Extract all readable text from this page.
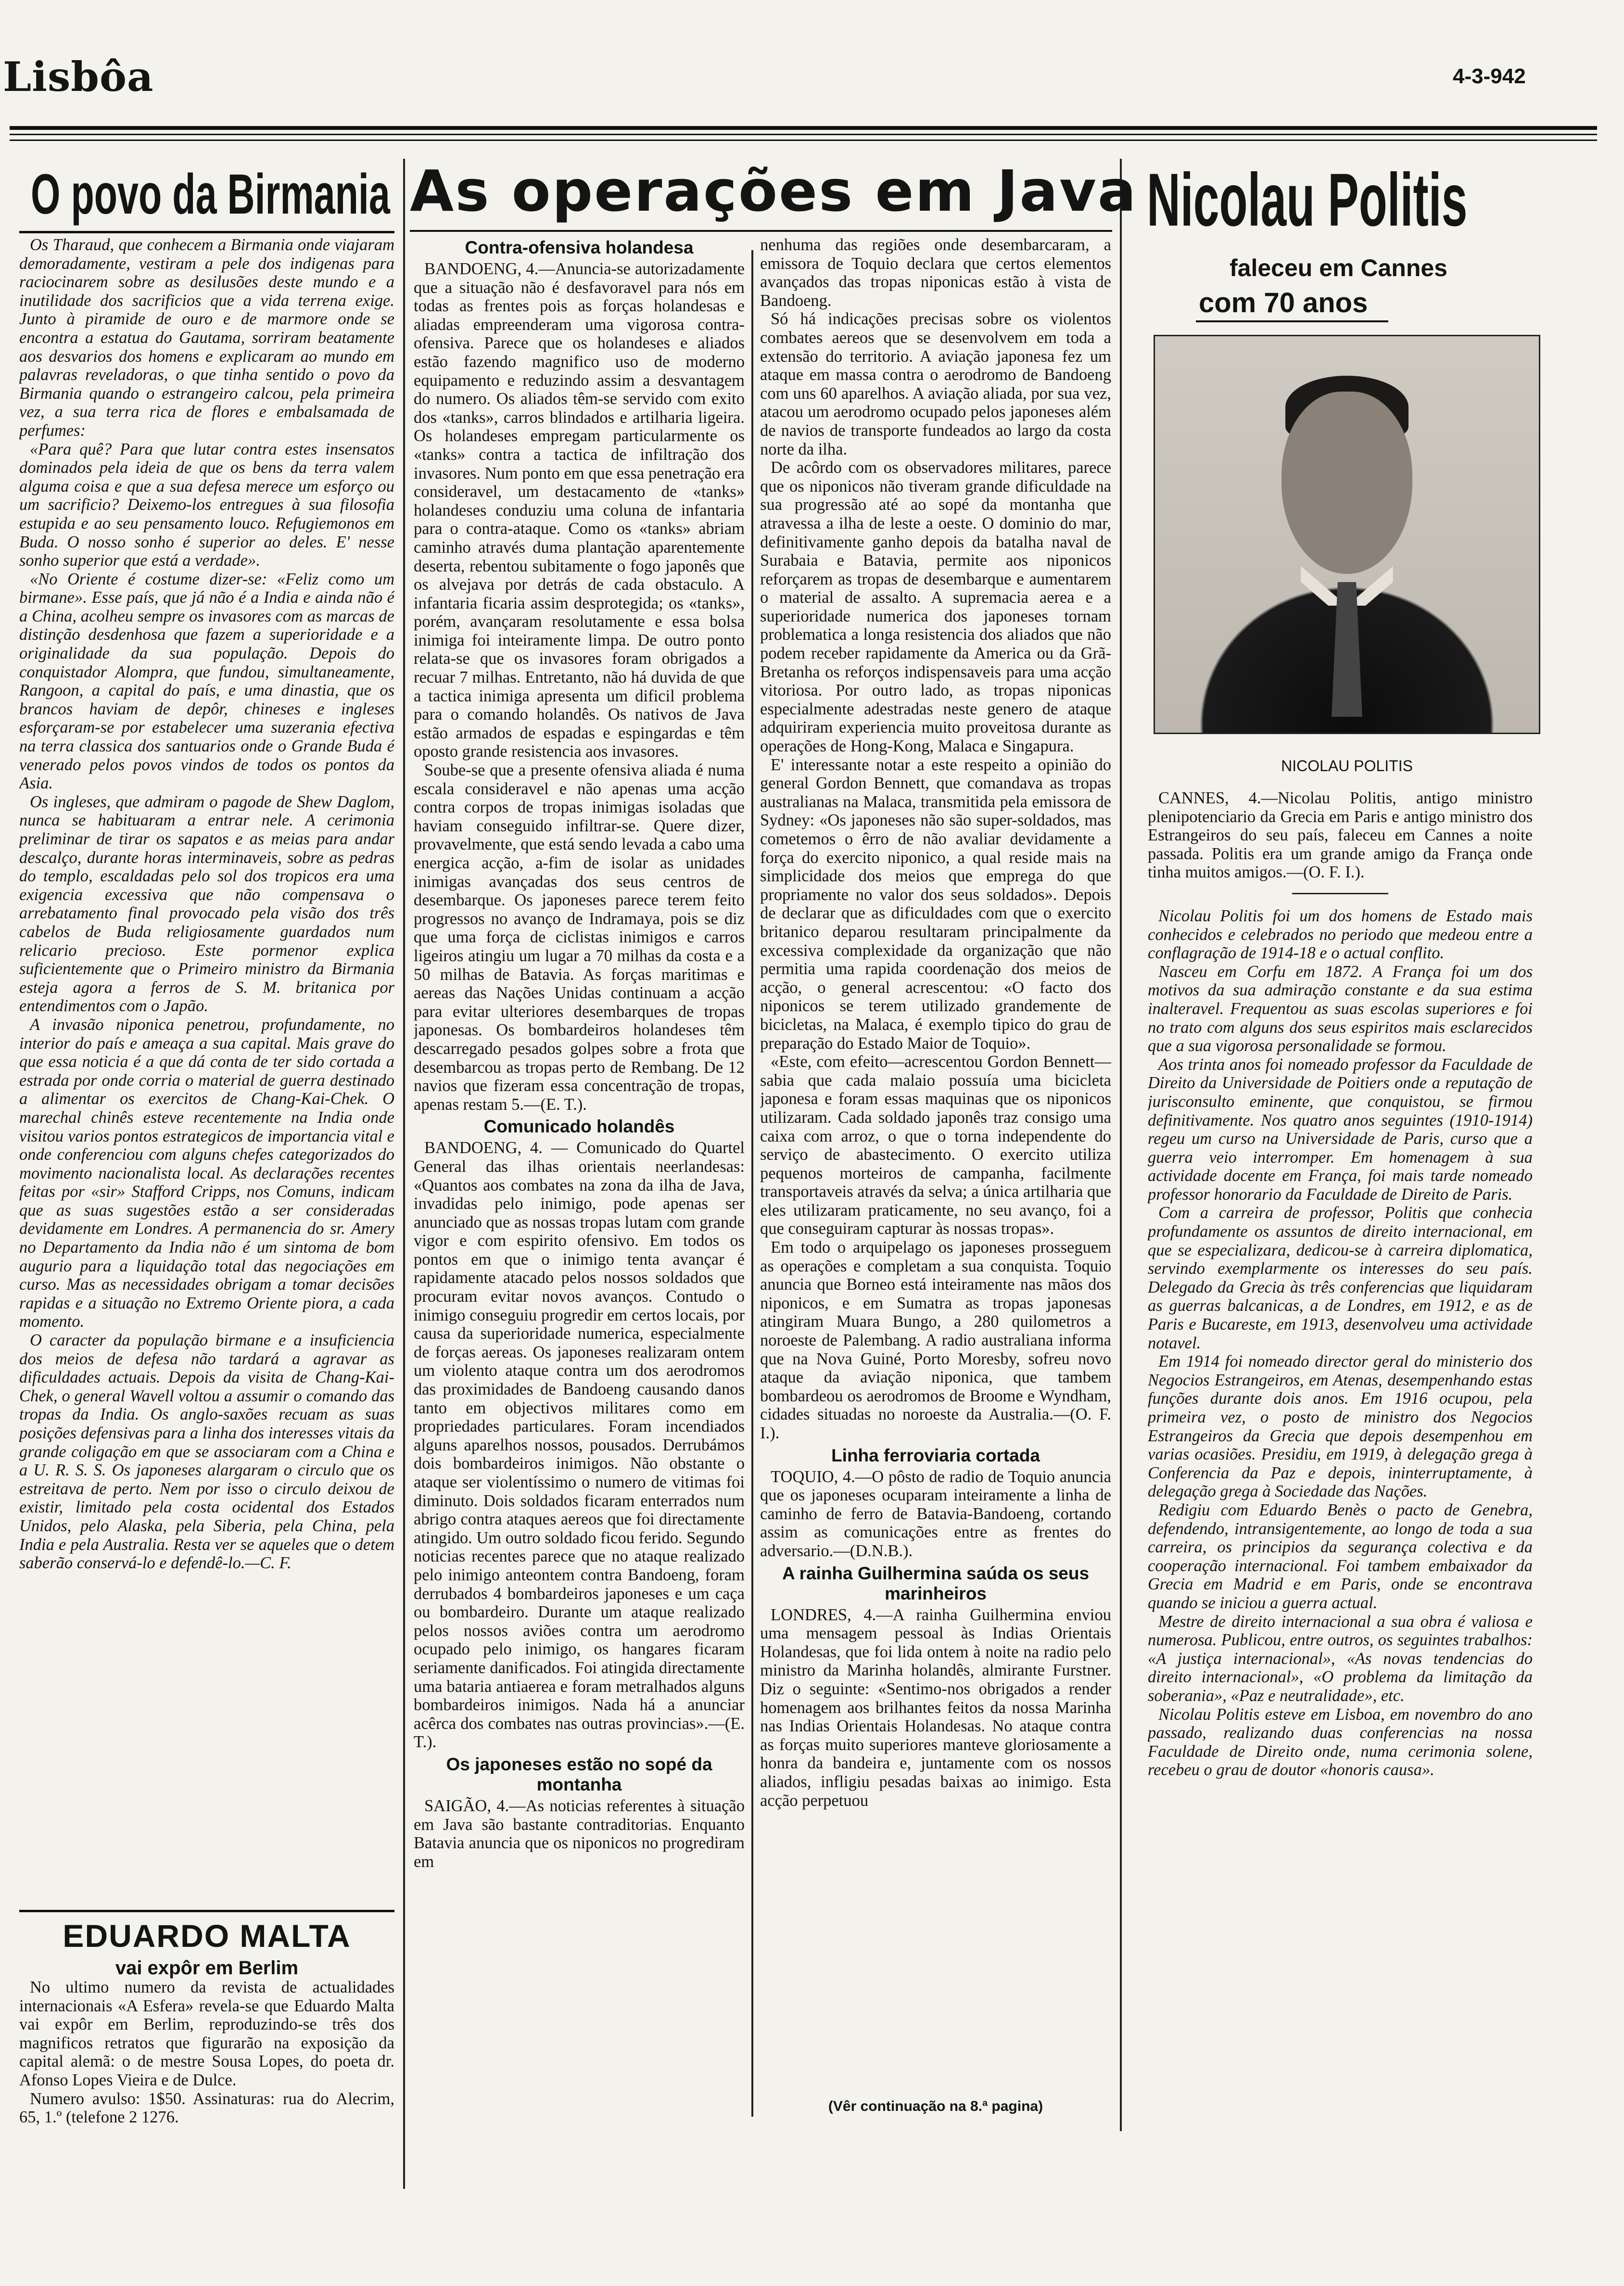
Lisbôa	4-3-942
O povo da Birmania

Os Tharaud, que conhecem a Birmania onde viajaram demoradamente, vestiram a pele dos indigenas para raciocinarem sobre as desilusões deste mundo e a inutilidade dos sacrificios que a vida terrena exige. Junto à piramide de ouro e de marmore onde se encontra a estatua do Gautama, sorriram beatamente aos desvarios dos homens e explicaram ao mundo em palavras reveladoras, o que tinha sentido o povo da Birmania quando o estrangeiro calcou, pela primeira vez, a sua terra rica de flores e embalsamada de perfumes:

«Para quê? Para que lutar contra estes insensatos dominados pela ideia de que os bens da terra valem alguma coisa e que a sua defesa merece um esforço ou um sacrificio? Deixemo-los entregues à sua filosofia estupida e ao seu pensamento louco. Refugiemonos em Buda. O nosso sonho é superior ao deles. E' nesse sonho superior que está a verdade».

«No Oriente é costume dizer-se: «Feliz como um birmane». Esse país, que já não é a India e ainda não é a China, acolheu sempre os invasores com as marcas de distinção desdenhosa que fazem a superioridade e a originalidade da sua população. Depois do conquistador Alompra, que fundou, simultaneamente, Rangoon, a capital do país, e uma dinastia, que os brancos haviam de depôr, chineses e ingleses esforçaram-se por estabelecer uma suzerania efectiva na terra classica dos santuarios onde o Grande Buda é venerado pelos povos vindos de todos os pontos da Asia.

Os ingleses, que admiram o pagode de Shew Daglom, nunca se habituaram a entrar nele. A cerimonia preliminar de tirar os sapatos e as meias para andar descalço, durante horas interminaveis, sobre as pedras do templo, escaldadas pelo sol dos tropicos era uma exigencia excessiva que não compensava o arrebatamento final provocado pela visão dos três cabelos de Buda religiosamente guardados num relicario precioso. Este pormenor explica suficientemente que o Primeiro ministro da Birmania esteja agora a ferros de S. M. britanica por entendimentos com o Japão.

A invasão niponica penetrou, profundamente, no interior do país e ameaça a sua capital. Mais grave do que essa noticia é a que dá conta de ter sido cortada a estrada por onde corria o material de guerra destinado a alimentar os exercitos de Chang-Kai-Chek. O marechal chinês esteve recentemente na India onde visitou varios pontos estrategicos de importancia vital e onde conferenciou com alguns chefes categorizados do movimento nacionalista local. As declarações recentes feitas por «sir» Stafford Cripps, nos Comuns, indicam que as suas sugestões estão a ser consideradas devidamente em Londres. A permanencia do sr. Amery no Departamento da India não é um sintoma de bom augurio para a liquidação total das negociações em curso. Mas as necessidades obrigam a tomar decisões rapidas e a situação no Extremo Oriente piora, a cada momento.

O caracter da população birmane e a insuficiencia dos meios de defesa não tardará a agravar as dificuldades actuais. Depois da visita de Chang-Kai-Chek, o general Wavell voltou a assumir o comando das tropas da India. Os anglo-saxões recuam as suas posições defensivas para a linha dos interesses vitais da grande coligação em que se associaram com a China e a U. R. S. S. Os japoneses alargaram o circulo que os estreitava de perto. Nem por isso o circulo deixou de existir, limitado pela costa ocidental dos Estados Unidos, pelo Alaska, pela Siberia, pela China, pela India e pela Australia. Resta ver se aqueles que o detem saberão conservá-lo e defendê-lo.—C. F.

EDUARDO MALTA
vai expôr em Berlim

No ultimo numero da revista de actualidades internacionais «A Esfera» revela-se que Eduardo Malta vai expôr em Berlim, reproduzindo-se três dos magnificos retratos que figurarão na exposição da capital alemã: o de mestre Sousa Lopes, do poeta dr. Afonso Lopes Vieira e de Dulce.

Numero avulso: 1$50. Assinaturas: rua do Alecrim, 65, 1.º (telefone 2 1276.

As operações em Java
Contra-ofensiva holandesa

BANDOENG, 4.—Anuncia-se autorizadamente que a situação não é desfavoravel para nós em todas as frentes pois as forças holandesas e aliadas empreenderam uma vigorosa contra-ofensiva. Parece que os holandeses e aliados estão fazendo magnifico uso de moderno equipamento e reduzindo assim a desvantagem do numero. Os aliados têm-se servido com exito dos «tanks», carros blindados e artilharia ligeira. Os holandeses empregam particularmente os «tanks» contra a tactica de infiltração dos invasores. Num ponto em que essa penetração era consideravel, um destacamento de «tanks» holandeses conduziu uma coluna de infantaria para o contra-ataque. Como os «tanks» abriam caminho através duma plantação aparentemente deserta, rebentou subitamente o fogo japonês que os alvejava por detrás de cada obstaculo. A infantaria ficaria assim desprotegida; os «tanks», porém, avançaram resolutamente e essa bolsa inimiga foi inteiramente limpa. De outro ponto relata-se que os invasores foram obrigados a recuar 7 milhas. Entretanto, não há duvida de que a tactica inimiga apresenta um dificil problema para o comando holandês. Os nativos de Java estão armados de espadas e espingardas e têm oposto grande resistencia aos invasores.

Soube-se que a presente ofensiva aliada é numa escala consideravel e não apenas uma acção contra corpos de tropas inimigas isoladas que haviam conseguido infiltrar-se. Quere dizer, provavelmente, que está sendo levada a cabo uma energica acção, a-fim de isolar as unidades inimigas avançadas dos seus centros de desembarque. Os japoneses parece terem feito progressos no avanço de Indramaya, pois se diz que uma força de ciclistas inimigos e carros ligeiros atingiu um lugar a 70 milhas da costa e a 50 milhas de Batavia. As forças maritimas e aereas das Nações Unidas continuam a acção para evitar ulteriores desembarques de tropas japonesas. Os bombardeiros holandeses têm descarregado pesados golpes sobre a frota que desembarcou as tropas perto de Rembang. De 12 navios que fizeram essa concentração de tropas, apenas restam 5.—(E. T.).

Comunicado holandês

BANDOENG, 4. — Comunicado do Quartel General das ilhas orientais neerlandesas: «Quantos aos combates na zona da ilha de Java, invadidas pelo inimigo, pode apenas ser anunciado que as nossas tropas lutam com grande vigor e com espirito ofensivo. Em todos os pontos em que o inimigo tenta avançar é rapidamente atacado pelos nossos soldados que procuram evitar novos avanços. Contudo o inimigo conseguiu progredir em certos locais, por causa da superioridade numerica, especialmente de forças aereas. Os japoneses realizaram ontem um violento ataque contra um dos aerodromos das proximidades de Bandoeng causando danos tanto em objectivos militares como em propriedades particulares. Foram incendiados alguns aparelhos nossos, pousados. Derrubámos dois bombardeiros inimigos. Não obstante o ataque ser violentíssimo o numero de vitimas foi diminuto. Dois soldados ficaram enterrados num abrigo contra ataques aereos que foi directamente atingido. Um outro soldado ficou ferido. Segundo noticias recentes parece que no ataque realizado pelo inimigo anteontem contra Bandoeng, foram derrubados 4 bombardeiros japoneses e um caça ou bombardeiro. Durante um ataque realizado pelos nossos aviões contra um aerodromo ocupado pelo inimigo, os hangares ficaram seriamente danificados. Foi atingida directamente uma bataria antiaerea e foram metralhados alguns bombardeiros inimigos. Nada há a anunciar acêrca dos combates nas outras provincias».—(E. T.).

Os japoneses estão no sopé da montanha

SAIGÃO, 4.—As noticias referentes à situação em Java são bastante contraditorias. Enquanto Batavia anuncia que os niponicos no progrediram em

nenhuma das regiões onde desembarcaram, a emissora de Toquio declara que certos elementos avançados das tropas niponicas estão à vista de Bandoeng.

Só há indicações precisas sobre os violentos combates aereos que se desenvolvem em toda a extensão do territorio. A aviação japonesa fez um ataque em massa contra o aerodromo de Bandoeng com uns 60 aparelhos. A aviação aliada, por sua vez, atacou um aerodromo ocupado pelos japoneses além de navios de transporte fundeados ao largo da costa norte da ilha.

De acôrdo com os observadores militares, parece que os niponicos não tiveram grande dificuldade na sua progressão até ao sopé da montanha que atravessa a ilha de leste a oeste. O dominio do mar, definitivamente ganho depois da batalha naval de Surabaia e Batavia, permite aos niponicos reforçarem as tropas de desembarque e aumentarem o material de assalto. A supremacia aerea e a superioridade numerica dos japoneses tornam problematica a longa resistencia dos aliados que não podem receber rapidamente da America ou da Grã-Bretanha os reforços indispensaveis para uma acção vitoriosa. Por outro lado, as tropas niponicas especialmente adestradas neste genero de ataque adquiriram experiencia muito proveitosa durante as operações de Hong-Kong, Malaca e Singapura.

E' interessante notar a este respeito a opinião do general Gordon Bennett, que comandava as tropas australianas na Malaca, transmitida pela emissora de Sydney: «Os japoneses não são super-soldados, mas cometemos o êrro de não avaliar devidamente a força do exercito niponico, a qual reside mais na simplicidade dos meios que emprega do que propriamente no valor dos seus soldados». Depois de declarar que as dificuldades com que o exercito britanico deparou resultaram principalmente da excessiva complexidade da organização que não permitia uma rapida coordenação dos meios de acção, o general acrescentou: «O facto dos niponicos se terem utilizado grandemente de bicicletas, na Malaca, é exemplo tipico do grau de preparação do Estado Maior de Toquio».

«Este, com efeito—acrescentou Gordon Bennett—sabia que cada malaio possuía uma bicicleta japonesa e foram essas maquinas que os niponicos utilizaram. Cada soldado japonês traz consigo uma caixa com arroz, o que o torna independente do serviço de abastecimento. O exercito utiliza pequenos morteiros de campanha, facilmente transportaveis através da selva; a única artilharia que eles utilizaram praticamente, no seu avanço, foi a que conseguiram capturar às nossas tropas».

Em todo o arquipelago os japoneses prosseguem as operações e completam a sua conquista. Toquio anuncia que Borneo está inteiramente nas mãos dos niponicos, e em Sumatra as tropas japonesas atingiram Muara Bungo, a 280 quilometros a noroeste de Palembang. A radio australiana informa que na Nova Guiné, Porto Moresby, sofreu novo ataque da aviação niponica, que tambem bombardeou os aerodromos de Broome e Wyndham, cidades situadas no noroeste da Australia.—(O. F. I.).

Linha ferroviaria cortada

TOQUIO, 4.—O pôsto de radio de Toquio anuncia que os japoneses ocuparam inteiramente a linha de caminho de ferro de Batavia-Bandoeng, cortando assim as comunicações entre as frentes do adversario.—(D.N.B.).

A rainha Guilhermina saúda os seus marinheiros

LONDRES, 4.—A rainha Guilhermina enviou uma mensagem pessoal às Indias Orientais Holandesas, que foi lida ontem à noite na radio pelo ministro da Marinha holandês, almirante Furstner. Diz o seguinte: «Sentimo-nos obrigados a render homenagem aos brilhantes feitos da nossa Marinha nas Indias Orientais Holandesas. No ataque contra as forças muito superiores manteve gloriosamente a honra da bandeira e, juntamente com os nossos aliados, infligiu pesadas baixas ao inimigo. Esta acção perpetuou

(Vêr continuação na 8.ª pagina)
Nicolau Politis
faleceu em Cannes
com 70 anos
NICOLAU POLITIS

CANNES, 4.—Nicolau Politis, antigo ministro plenipotenciario da Grecia em Paris e antigo ministro dos Estrangeiros do seu país, faleceu em Cannes a noite passada. Politis era um grande amigo da França onde tinha muitos amigos.—(O. F. I.).

Nicolau Politis foi um dos homens de Estado mais conhecidos e celebrados no periodo que medeou entre a conflagração de 1914-18 e o actual conflito.

Nasceu em Corfu em 1872. A França foi um dos motivos da sua admiração constante e da sua estima inalteravel. Frequentou as suas escolas superiores e foi no trato com alguns dos seus espiritos mais esclarecidos que a sua vigorosa personalidade se formou.

Aos trinta anos foi nomeado professor da Faculdade de Direito da Universidade de Poitiers onde a reputação de jurisconsulto eminente, que conquistou, se firmou definitivamente. Nos quatro anos seguintes (1910-1914) regeu um curso na Universidade de Paris, curso que a guerra veio interromper. Em homenagem à sua actividade docente em França, foi mais tarde nomeado professor honorario da Faculdade de Direito de Paris.

Com a carreira de professor, Politis que conhecia profundamente os assuntos de direito internacional, em que se especializara, dedicou-se à carreira diplomatica, servindo exemplarmente os interesses do seu país. Delegado da Grecia às três conferencias que liquidaram as guerras balcanicas, a de Londres, em 1912, e as de Paris e Bucareste, em 1913, desenvolveu uma actividade notavel.

Em 1914 foi nomeado director geral do ministerio dos Negocios Estrangeiros, em Atenas, desempenhando estas funções durante dois anos. Em 1916 ocupou, pela primeira vez, o posto de ministro dos Negocios Estrangeiros da Grecia que depois desempenhou em varias ocasiões. Presidiu, em 1919, à delegação grega à Conferencia da Paz e depois, ininterruptamente, à delegação grega à Sociedade das Nações.

Redigiu com Eduardo Benès o pacto de Genebra, defendendo, intransigentemente, ao longo de toda a sua carreira, os principios da segurança colectiva e da cooperação internacional. Foi tambem embaixador da Grecia em Madrid e em Paris, onde se encontrava quando se iniciou a guerra actual.

Mestre de direito internacional a sua obra é valiosa e numerosa. Publicou, entre outros, os seguintes trabalhos: «A justiça internacional», «As novas tendencias do direito internacional», «O problema da limitação da soberania», «Paz e neutralidade», etc.

Nicolau Politis esteve em Lisboa, em novembro do ano passado, realizando duas conferencias na nossa Faculdade de Direito onde, numa cerimonia solene, recebeu o grau de doutor «honoris causa».
